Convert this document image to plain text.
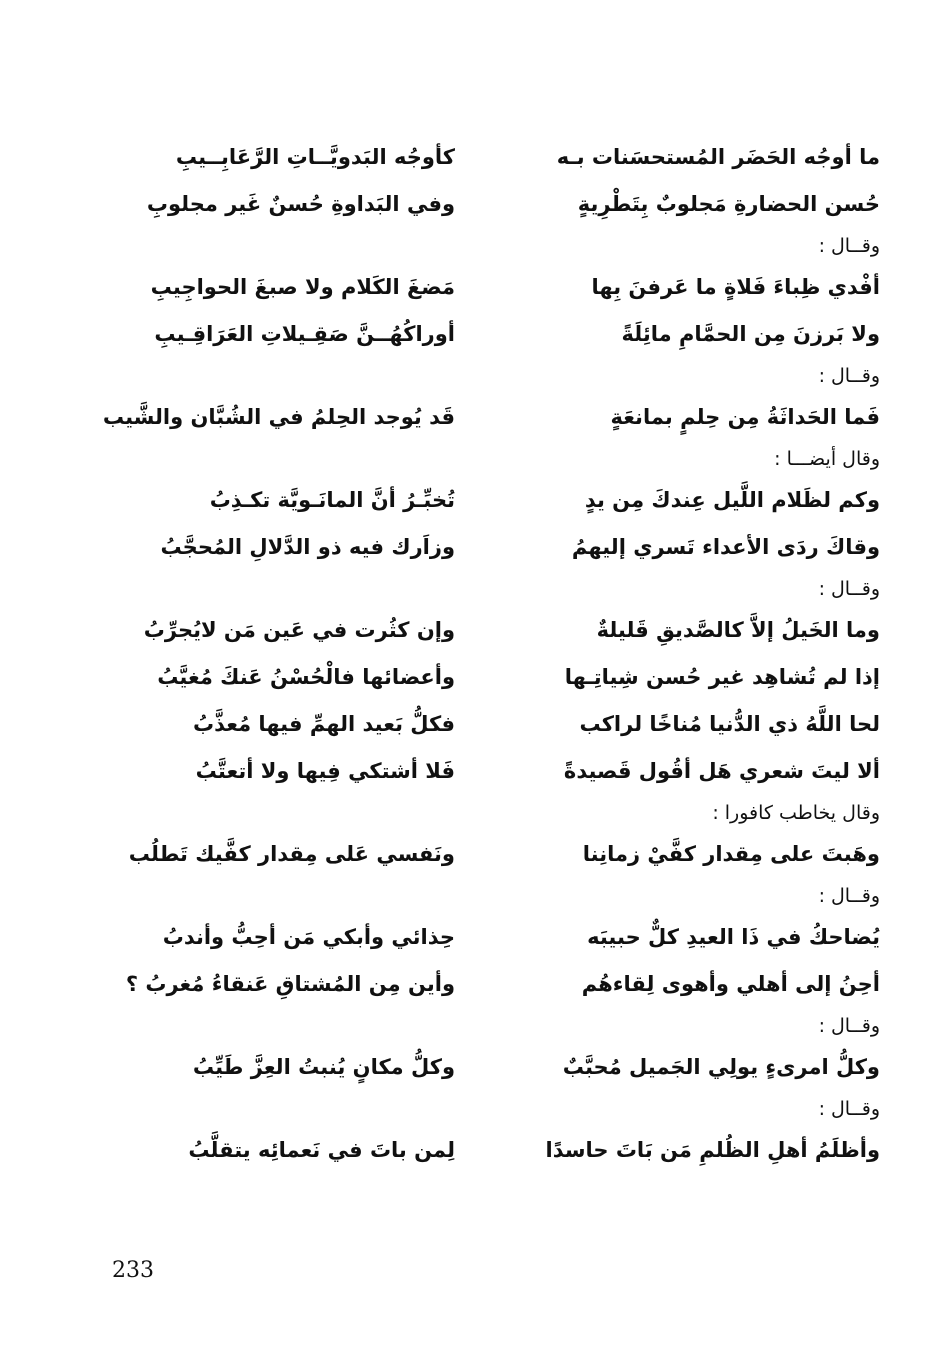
ما أوجُه الحَضَر المُستحسَنات بـه
كأوجُه البَدويَّــاتِ الرَّعَابِــيبِ
حُسن الحضارةِ مَجلوبٌ بِتَطْرِيةٍ
وفي البَداوةِ حُسنٌ غَير مجلوبِ
وقــال :
أفْدي ظِباءَ فَلاةٍ ما عَرفنَ بِها
مَضغَ الكَلام ولا صبغَ الحواجِيبِ
ولا بَرزنَ مِن الحمَّامِ مائِلَةً
أوراكُهُــنَّ صَقِـيلاتِ العَرَاقِـيبِ
وقــال :
فَما الحَداثَةُ مِن حِلمٍ بمانعَةٍ
قَد يُوجد الحِلمُ في الشُبَّان والشَّيب
وقال أيضـــا :
وكم لظَلام اللَّيل عِندكَ مِن يدٍ
تُخبِّـرُ أنَّ المانَـويَّة تكـذِبُ
وقاكَ ردَى الأعداء تَسري إليهمُ
وزاَرك فيه ذو الدَّلالِ المُحجَّبُ
وقــال :
وما الخَيلُ إلاَّ كالصَّديقِ قَليلةٌ
وإن كثُرت في عَين مَن لايُجرِّبُ
إذا لم تُشاهِد غير حُسن شِياتِـها
وأعضائها فالْحُسْنُ عَنكَ مُغيَّبُ
لحا اللَّهُ ذي الدُّنيا مُناخًا لراكب
فكلُّ بَعيد الهمِّ فيها مُعذَّبُ
ألا ليتَ شعري هَل أقُول قَصيدةً
فَلا أشتكي فِيها ولا أتعتَّبُ
وقال يخاطب كافورا :
وهَبتَ على مِقدار كفَّيْ زمانِنا
ونَفسي عَلى مِقدار كفَّيك تَطلُب
وقــال :
يُضاحكُ في ذَا العيدِ كلٌّ حبيبَه
حِذائي وأبكي مَن أحِبُّ وأندبُ
أحِنُ إلى أهلي وأهوى لِقاءهُم
وأين مِن المُشتاقِ عَنقاءُ مُغربُ ؟
وقــال :
وكلُّ امرىءٍ يولِي الجَميل مُحبَّبٌ
وكلُّ مكانٍ يُنبتُ العِزَّ طَيِّبُ
وقــال :
وأظلَمُ أهلِ الظُلمِ مَن بَاتَ حاسدًا
لِمن باتَ في نَعمائِه يتقلَّبُ
233
